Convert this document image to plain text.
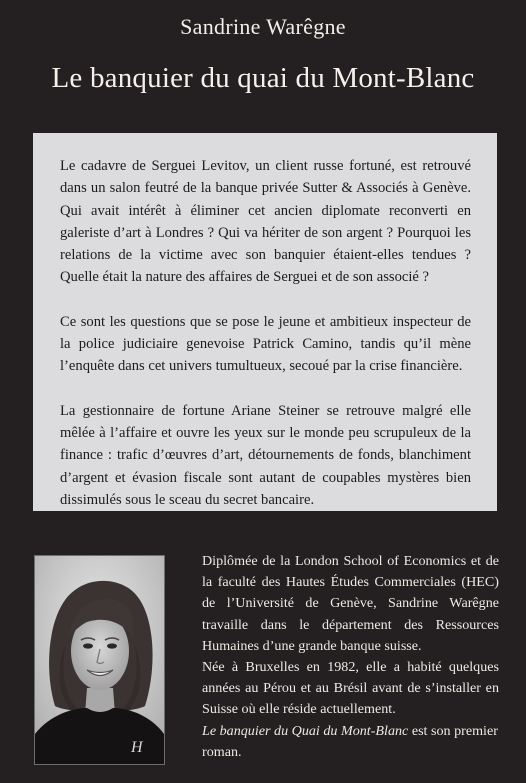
Sandrine Warêgne
Le banquier du quai du Mont-Blanc

Le cadavre de Serguei Levitov, un client russe fortuné, est retrouvé dans un salon feutré de la banque privée Sutter & Associés à Genève. Qui avait intérêt à éliminer cet ancien diplomate reconverti en galeriste d’art à Londres ? Qui va hériter de son argent ? Pourquoi les relations de la victime avec son banquier étaient-elles tendues ? Quelle était la nature des affaires de Serguei et de son associé ?

Ce sont les questions que se pose le jeune et ambitieux inspecteur de la police judiciaire genevoise Patrick Camino, tandis qu’il mène l’enquête dans cet univers tumultueux, secoué par la crise financière.

La gestionnaire de fortune Ariane Steiner se retrouve malgré elle mêlée à l’affaire et ouvre les yeux sur le monde peu scrupuleux de la finance : trafic d’œuvres d’art, détournements de fonds, blanchiment d’argent et évasion fiscale sont autant de coupables mystères bien dissimulés sous le sceau du secret bancaire.

H

Diplômée de la London School of Economics et de la faculté des Hautes Études Commerciales (HEC) de l’Université de Genève, Sandrine Warêgne travaille dans le département des Ressources Humaines d’une grande banque suisse.

Née à Bruxelles en 1982, elle a habité quelques années au Pérou et au Brésil avant de s’installer en Suisse où elle réside actuellement.

Le banquier du Quai du Mont-Blanc est son premier roman.
